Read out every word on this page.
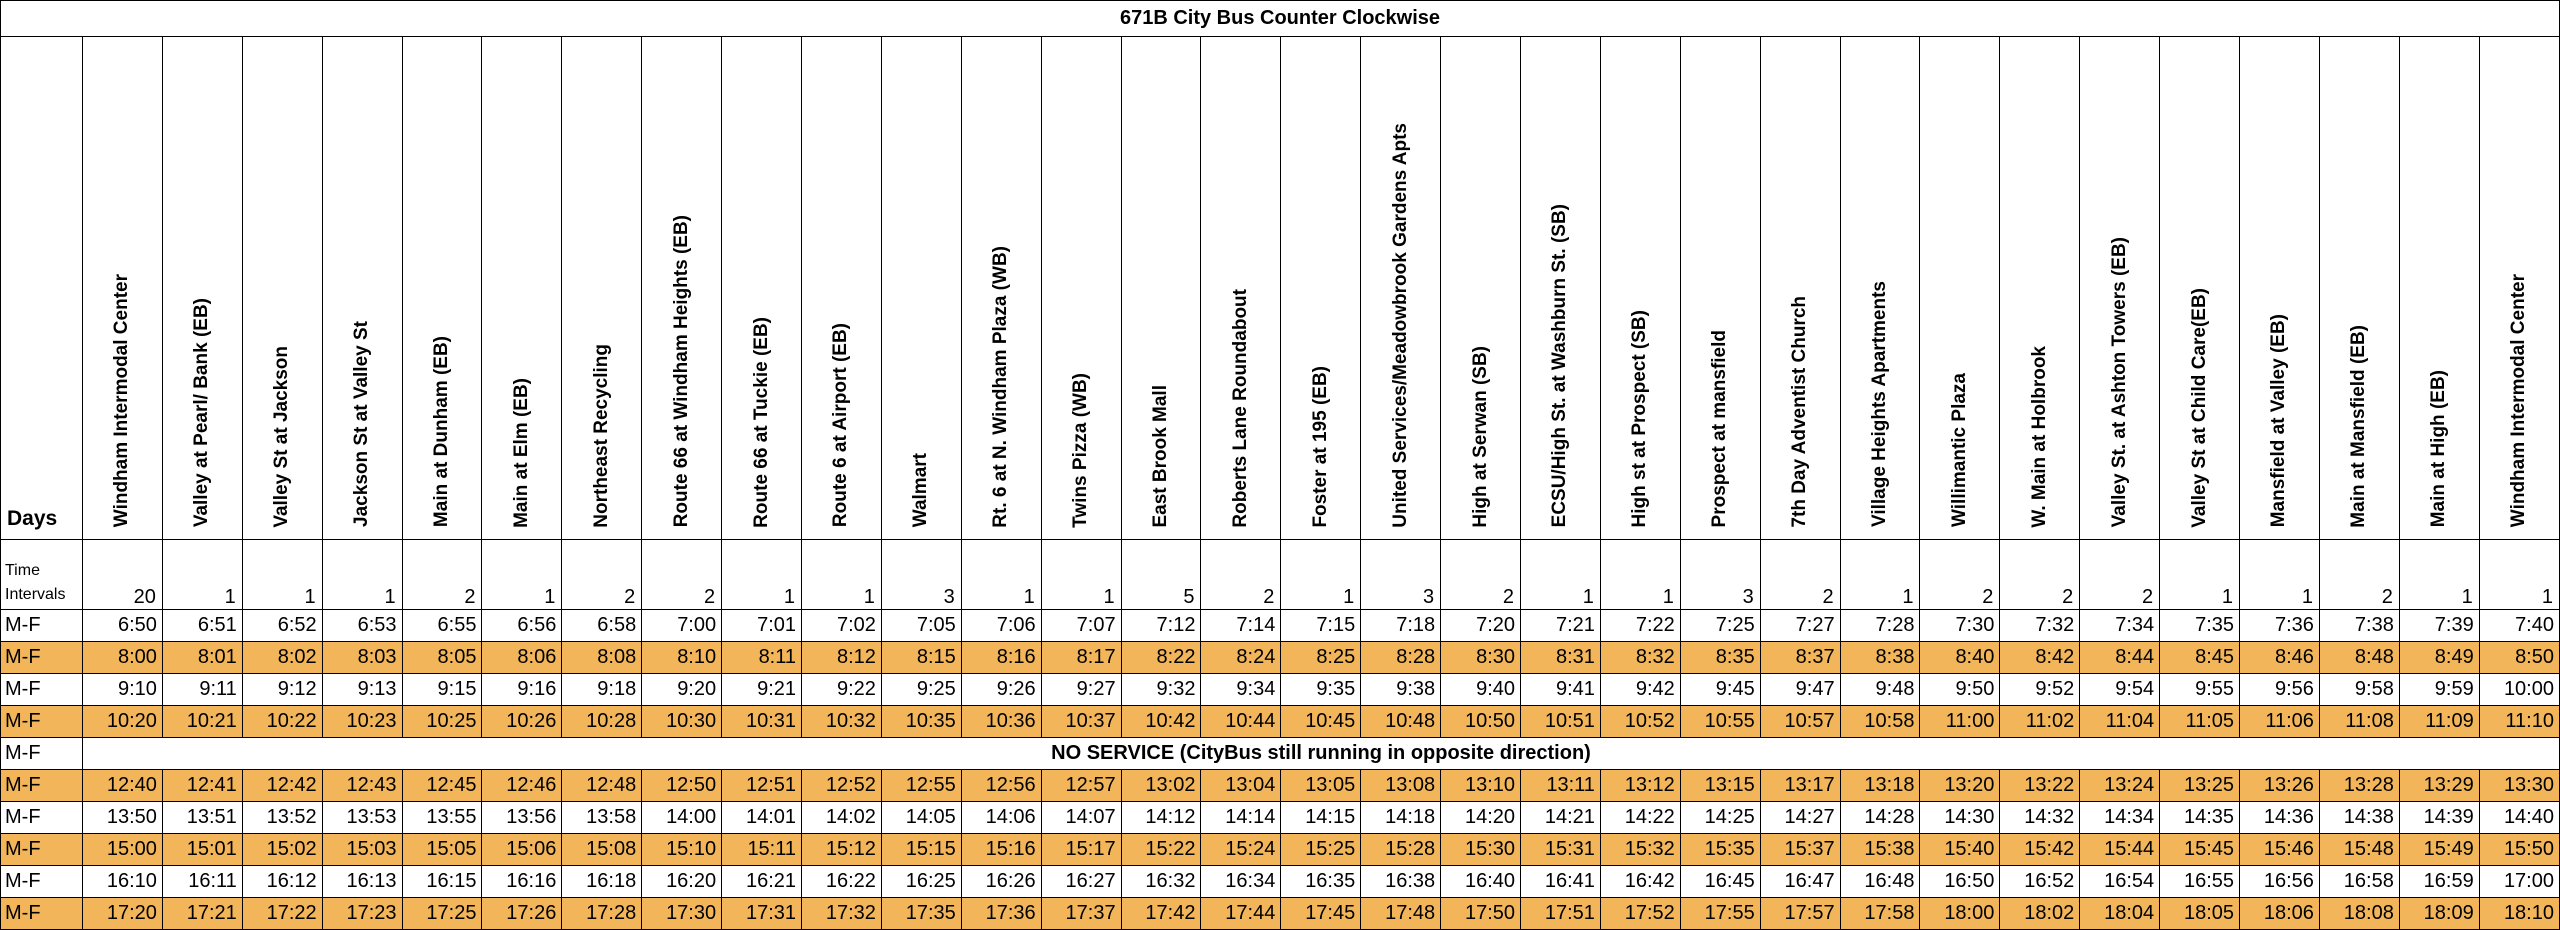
671B City Bus Counter Clockwise																															
Days	Windham Intermodal Center	Valley at Pearl/ Bank (EB)	Valley St at Jackson	Jackson St at Valley St	Main at Dunham (EB)	Main at Elm (EB)	Northeast Recycling	Route 66 at Windham Heights (EB)	Route 66 at Tuckie (EB)	Route 6 at Airport (EB)	Walmart	Rt. 6 at N. Windham Plaza (WB)	Twins Pizza (WB)	East Brook Mall	Roberts Lane Roundabout	Foster at 195 (EB)	United Services/Meadowbrook Gardens Apts	High at Serwan (SB)	ECSU/High St. at Washburn St. (SB)	High st at Prospect (SB)	Prospect at mansfield	7th Day Adventist Church	Village Heights Apartments	Willimantic Plaza	W. Main at Holbrook	Valley St. at Ashton Towers (EB)	Valley St at Child Care(EB)	Mansfield at Valley (EB)	Main at Mansfield (EB)	Main at High (EB)	Windham Intermodal Center

Time Intervals	20	1	1	1	2	1	2	2	1	1	3	1	1	5	2	1	3	2	1	1	3	2	1	2	2	2	1	1	2	1	1
M-F	6:50	6:51	6:52	6:53	6:55	6:56	6:58	7:00	7:01	7:02	7:05	7:06	7:07	7:12	7:14	7:15	7:18	7:20	7:21	7:22	7:25	7:27	7:28	7:30	7:32	7:34	7:35	7:36	7:38	7:39	7:40
M-F	8:00	8:01	8:02	8:03	8:05	8:06	8:08	8:10	8:11	8:12	8:15	8:16	8:17	8:22	8:24	8:25	8:28	8:30	8:31	8:32	8:35	8:37	8:38	8:40	8:42	8:44	8:45	8:46	8:48	8:49	8:50
M-F	9:10	9:11	9:12	9:13	9:15	9:16	9:18	9:20	9:21	9:22	9:25	9:26	9:27	9:32	9:34	9:35	9:38	9:40	9:41	9:42	9:45	9:47	9:48	9:50	9:52	9:54	9:55	9:56	9:58	9:59	10:00
M-F	10:20	10:21	10:22	10:23	10:25	10:26	10:28	10:30	10:31	10:32	10:35	10:36	10:37	10:42	10:44	10:45	10:48	10:50	10:51	10:52	10:55	10:57	10:58	11:00	11:02	11:04	11:05	11:06	11:08	11:09	11:10
M-F	NO SERVICE (CityBus still running in opposite direction)																														
M-F	12:40	12:41	12:42	12:43	12:45	12:46	12:48	12:50	12:51	12:52	12:55	12:56	12:57	13:02	13:04	13:05	13:08	13:10	13:11	13:12	13:15	13:17	13:18	13:20	13:22	13:24	13:25	13:26	13:28	13:29	13:30
M-F	13:50	13:51	13:52	13:53	13:55	13:56	13:58	14:00	14:01	14:02	14:05	14:06	14:07	14:12	14:14	14:15	14:18	14:20	14:21	14:22	14:25	14:27	14:28	14:30	14:32	14:34	14:35	14:36	14:38	14:39	14:40
M-F	15:00	15:01	15:02	15:03	15:05	15:06	15:08	15:10	15:11	15:12	15:15	15:16	15:17	15:22	15:24	15:25	15:28	15:30	15:31	15:32	15:35	15:37	15:38	15:40	15:42	15:44	15:45	15:46	15:48	15:49	15:50
M-F	16:10	16:11	16:12	16:13	16:15	16:16	16:18	16:20	16:21	16:22	16:25	16:26	16:27	16:32	16:34	16:35	16:38	16:40	16:41	16:42	16:45	16:47	16:48	16:50	16:52	16:54	16:55	16:56	16:58	16:59	17:00
M-F	17:20	17:21	17:22	17:23	17:25	17:26	17:28	17:30	17:31	17:32	17:35	17:36	17:37	17:42	17:44	17:45	17:48	17:50	17:51	17:52	17:55	17:57	17:58	18:00	18:02	18:04	18:05	18:06	18:08	18:09	18:10
